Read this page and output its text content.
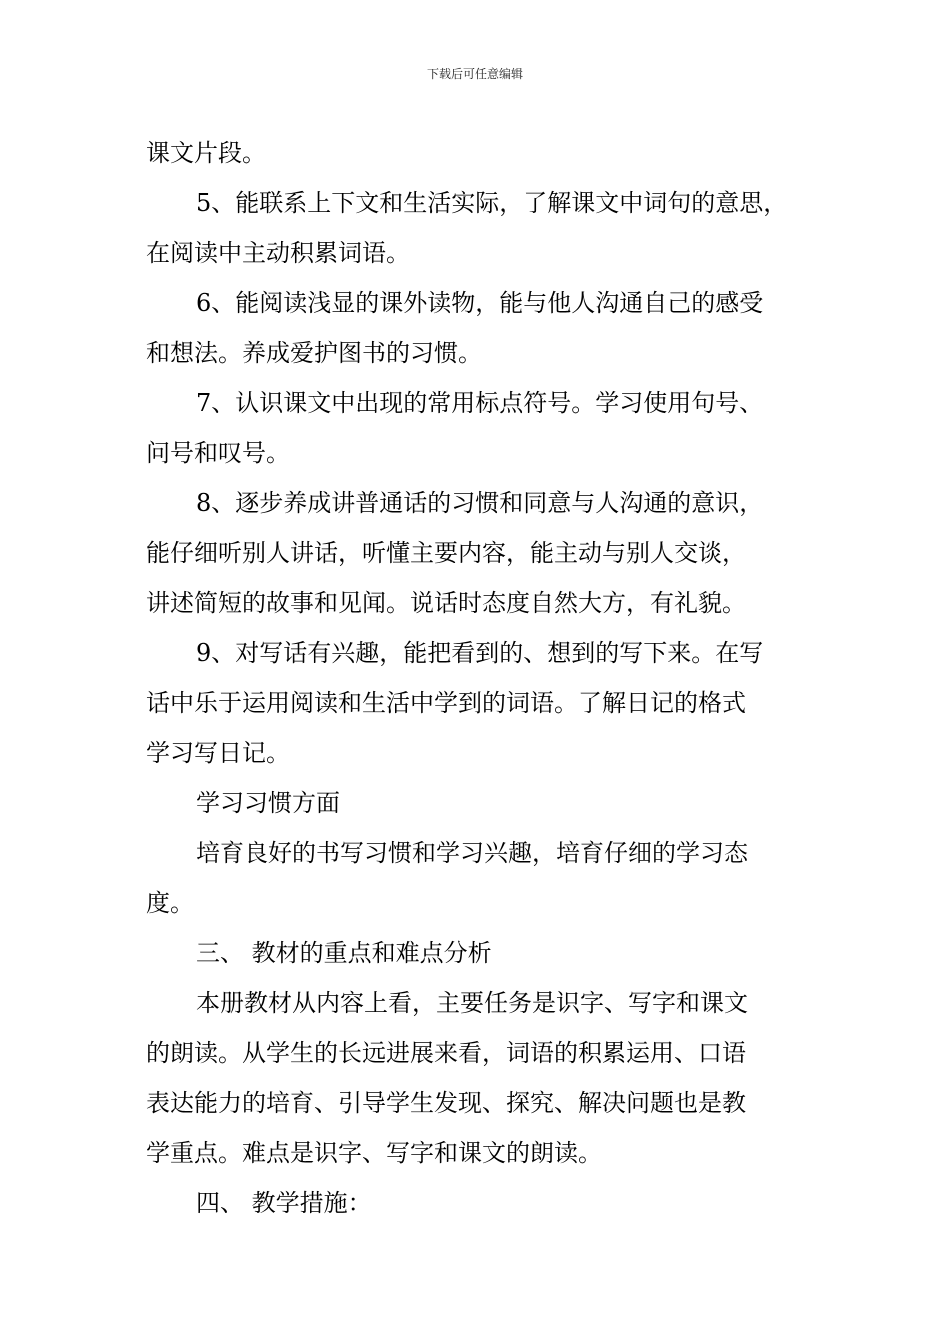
下载后可任意编辑
课文片段。
5、能联系上下文和生活实际，了解课文中词句的意思，
在阅读中主动积累词语。
6、能阅读浅显的课外读物，能与他人沟通自己的感受
和想法。养成爱护图书的习惯。
7、认识课文中出现的常用标点符号。学习使用句号、
问号和叹号。
8、逐步养成讲普通话的习惯和同意与人沟通的意识，
能仔细听别人讲话，听懂主要内容，能主动与别人交谈，
讲述简短的故事和见闻。说话时态度自然大方，有礼貌。
9、对写话有兴趣，能把看到的、想到的写下来。在写
话中乐于运用阅读和生活中学到的词语。了解日记的格式
学习写日记。
学习习惯方面
培育良好的书写习惯和学习兴趣，培育仔细的学习态
度。
三、 教材的重点和难点分析
本册教材从内容上看，主要任务是识字、写字和课文
的朗读。从学生的长远进展来看，词语的积累运用、口语
表达能力的培育、引导学生发现、探究、解决问题也是教
学重点。难点是识字、写字和课文的朗读。
四、 教学措施：
